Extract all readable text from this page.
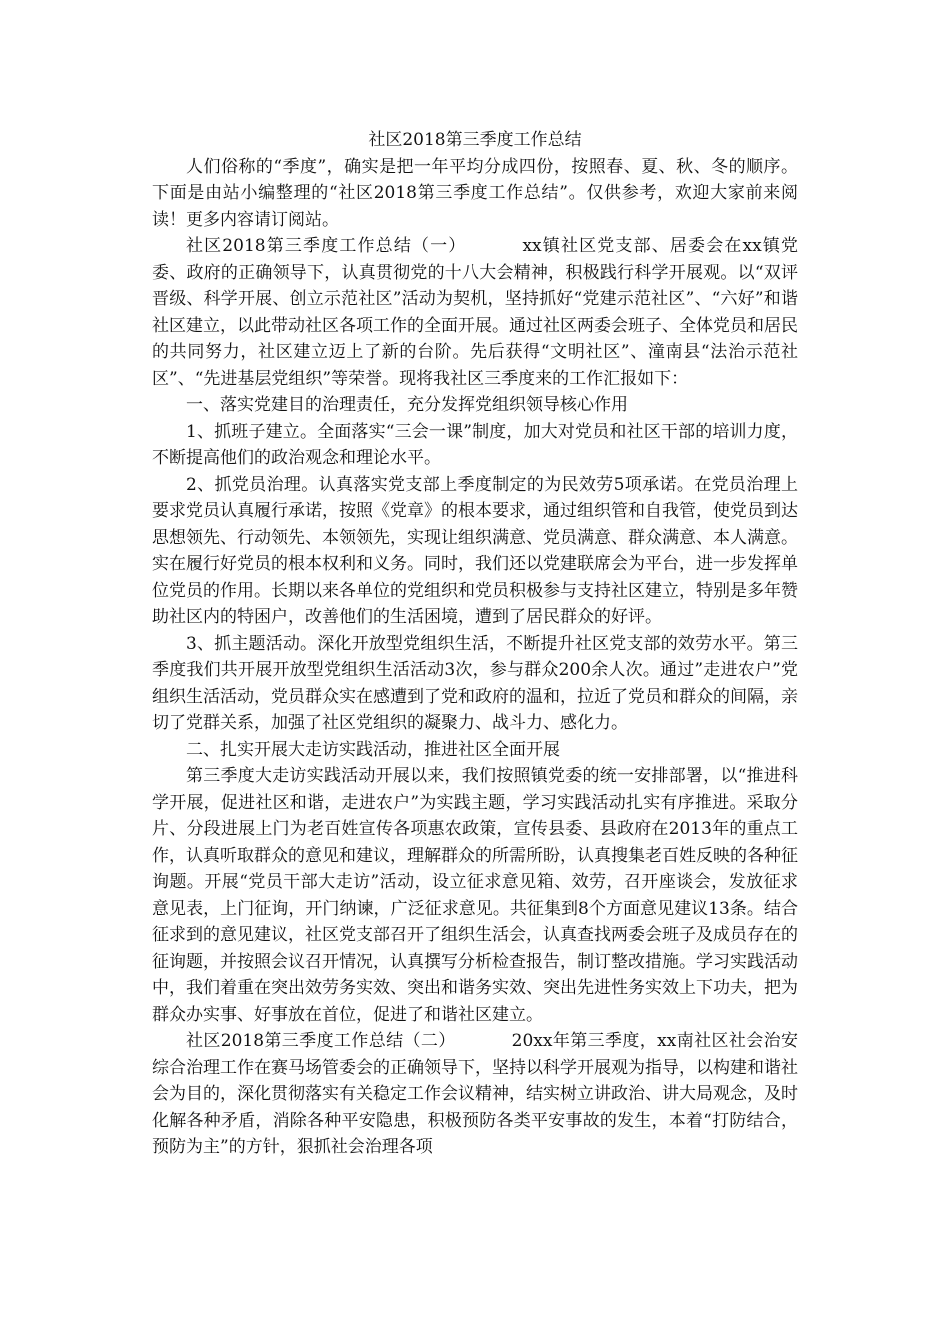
社区2018第三季度工作总结

人们俗称的“季度”，确实是把一年平均分成四份，按照春、夏、秋、冬的顺序。下面是由站小编整理的“社区2018第三季度工作总结”。仅供参考，欢迎大家前来阅读！更多内容请订阅站。

社区2018第三季度工作总结（一）	xx镇社区党支部、居委会在xx镇党委、政府的正确领导下，认真贯彻党的十八大会精神，积极践行科学开展观。以“双评晋级、科学开展、创立示范社区”活动为契机，坚持抓好“党建示范社区”、“六好”和谐社区建立，以此带动社区各项工作的全面开展。通过社区两委会班子、全体党员和居民的共同努力，社区建立迈上了新的台阶。先后获得“文明社区”、潼南县“法治示范社区”、“先进基层党组织”等荣誉。现将我社区三季度来的工作汇报如下：

一、落实党建目的治理责任，充分发挥党组织领导核心作用

1、抓班子建立。全面落实“三会一课”制度，加大对党员和社区干部的培训力度，不断提高他们的政治观念和理论水平。

2、抓党员治理。认真落实党支部上季度制定的为民效劳5项承诺。在党员治理上要求党员认真履行承诺，按照《党章》的根本要求，通过组织管和自我管，使党员到达思想领先、行动领先、本领领先，实现让组织满意、党员满意、群众满意、本人满意。实在履行好党员的根本权利和义务。同时，我们还以党建联席会为平台，进一步发挥单位党员的作用。长期以来各单位的党组织和党员积极参与支持社区建立，特别是多年赞助社区内的特困户，改善他们的生活困境，遭到了居民群众的好评。

3、抓主题活动。深化开放型党组织生活，不断提升社区党支部的效劳水平。第三季度我们共开展开放型党组织生活活动3次，参与群众200余人次。通过”走进农户”党组织生活活动，党员群众实在感遭到了党和政府的温和，拉近了党员和群众的间隔，亲切了党群关系，加强了社区党组织的凝聚力、战斗力、感化力。

二、扎实开展大走访实践活动，推进社区全面开展

第三季度大走访实践活动开展以来，我们按照镇党委的统一安排部署，以“推进科学开展，促进社区和谐，走进农户”为实践主题，学习实践活动扎实有序推进。采取分片、分段进展上门为老百姓宣传各项惠农政策，宣传县委、县政府在2013年的重点工作，认真听取群众的意见和建议，理解群众的所需所盼，认真搜集老百姓反映的各种征询题。开展“党员干部大走访”活动，设立征求意见箱、效劳，召开座谈会，发放征求意见表，上门征询，开门纳谏，广泛征求意见。共征集到8个方面意见建议13条。结合征求到的意见建议，社区党支部召开了组织生活会，认真查找两委会班子及成员存在的征询题，并按照会议召开情况，认真撰写分析检查报告，制订整改措施。学习实践活动中，我们着重在突出效劳务实效、突出和谐务实效、突出先进性务实效上下功夫，把为群众办实事、好事放在首位，促进了和谐社区建立。

社区2018第三季度工作总结（二）	20xx年第三季度，xx南社区社会治安综合治理工作在赛马场管委会的正确领导下，坚持以科学开展观为指导，以构建和谐社会为目的，深化贯彻落实有关稳定工作会议精神，结实树立讲政治、讲大局观念，及时化解各种矛盾，消除各种平安隐患，积极预防各类平安事故的发生，本着“打防结合，预防为主”的方针，狠抓社会治理各项
